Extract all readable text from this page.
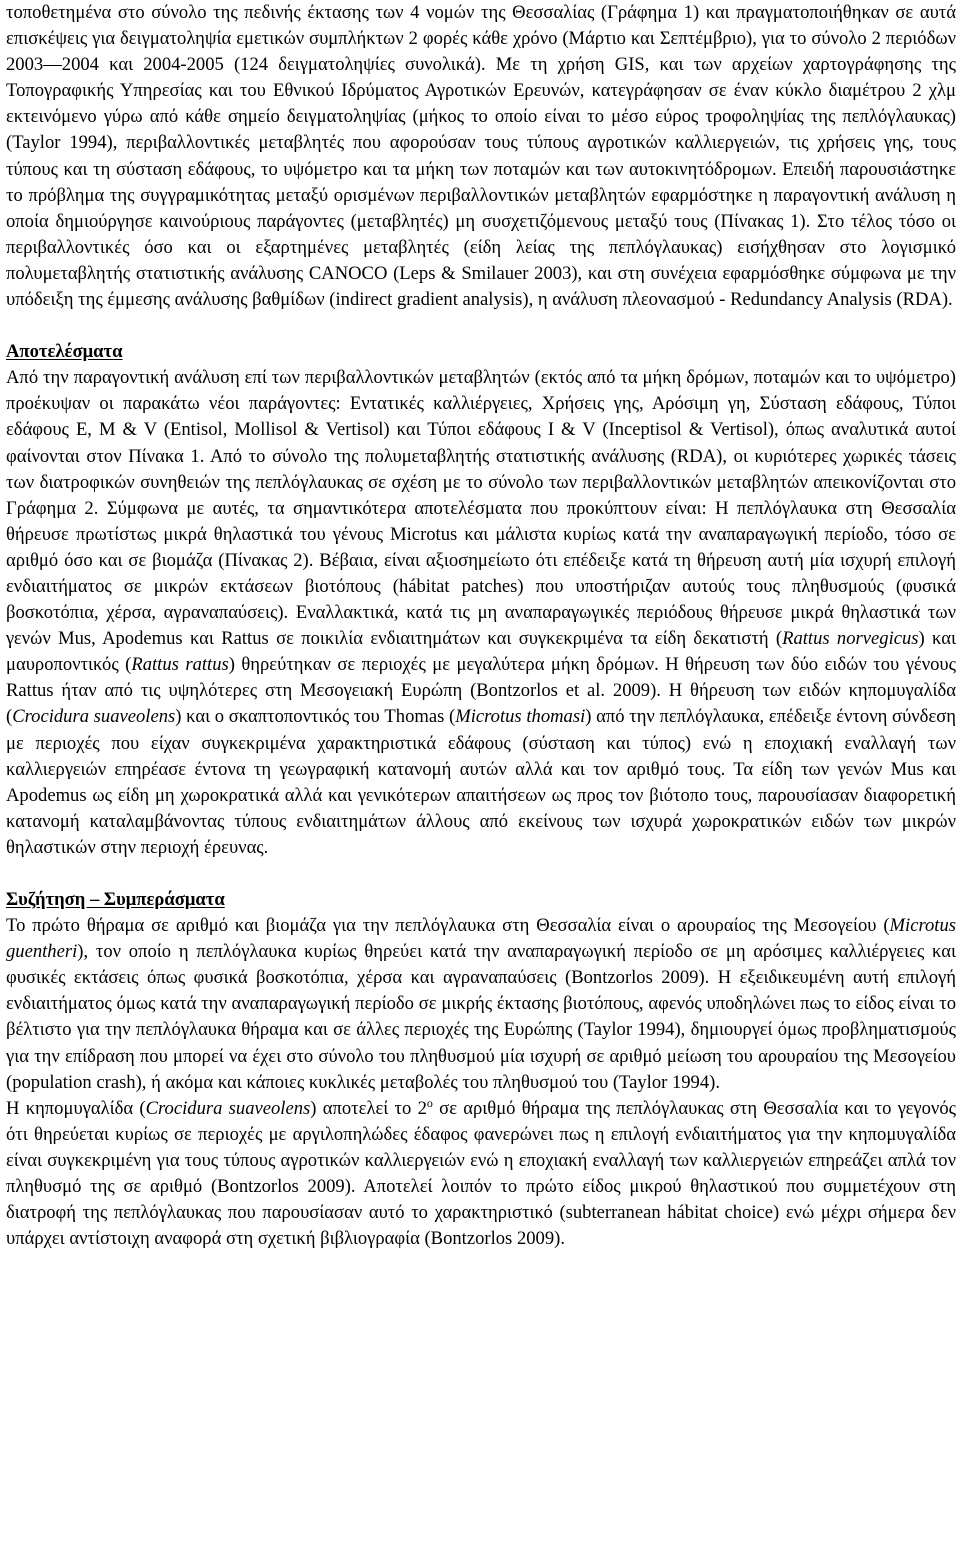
τοποθετημένα στο σύνολο της πεδινής έκτασης των 4 νομών της Θεσσαλίας (Γράφημα 1) και πραγματοποιήθηκαν σε αυτά επισκέψεις για δειγματοληψία εμετικών συμπλήκτων 2 φορές κάθε χρόνο (Μάρτιο και Σεπτέμβριο), για το σύνολο 2 περιόδων 2003—2004 και 2004-2005 (124 δειγματοληψίες συνολικά). Με τη χρήση GIS, και των αρχείων χαρτογράφησης της Τοπογραφικής Υπηρεσίας και του Εθνικού Ιδρύματος Αγροτικών Ερευνών, κατεγράφησαν σε έναν κύκλο διαμέτρου 2 χλμ εκτεινόμενο γύρω από κάθε σημείο δειγματοληψίας (μήκος το οποίο είναι το μέσο εύρος τροφοληψίας της πεπλόγλαυκας) (Taylor 1994), περιβαλλοντικές μεταβλητές που αφορούσαν τους τύπους αγροτικών καλλιεργειών, τις χρήσεις γης, τους τύπους και τη σύσταση εδάφους, το υψόμετρο και τα μήκη των ποταμών και των αυτοκινητόδρομων. Επειδή παρουσιάστηκε το πρόβλημα της συγγραμικότητας μεταξύ ορισμένων περιβαλλοντικών μεταβλητών εφαρμόστηκε η παραγοντική ανάλυση η οποία δημιούργησε καινούριους παράγοντες (μεταβλητές) μη συσχετιζόμενους μεταξύ τους (Πίνακας 1). Στο τέλος τόσο οι περιβαλλοντικές όσο και οι εξαρτημένες μεταβλητές (είδη λείας της πεπλόγλαυκας) εισήχθησαν στο λογισμικό πολυμεταβλητής στατιστικής ανάλυσης CANOCO (Leps & Smilauer 2003), και στη συνέχεια εφαρμόσθηκε σύμφωνα με την υπόδειξη της έμμεσης ανάλυσης βαθμίδων (indirect gradient analysis), η ανάλυση πλεονασμού - Redundancy Analysis (RDA).

Αποτελέσματα

Από την παραγοντική ανάλυση επί των περιβαλλοντικών μεταβλητών (εκτός από τα μήκη δρόμων, ποταμών και το υψόμετρο) προέκυψαν οι παρακάτω νέοι παράγοντες: Εντατικές καλλιέργειες, Χρήσεις γης, Αρόσιμη γη, Σύσταση εδάφους, Τύποι εδάφους E, M & V (Entisol, Mollisol & Vertisol) και Τύποι εδάφους I & V (Inceptisol & Vertisol), όπως αναλυτικά αυτοί φαίνονται στον Πίνακα 1. Από το σύνολο της πολυμεταβλητής στατιστικής ανάλυσης (RDA), οι κυριότερες χωρικές τάσεις των διατροφικών συνηθειών της πεπλόγλαυκας σε σχέση με το σύνολο των περιβαλλοντικών μεταβλητών απεικονίζονται στο Γράφημα 2. Σύμφωνα με αυτές, τα σημαντικότερα αποτελέσματα που προκύπτουν είναι: Η πεπλόγλαυκα στη Θεσσαλία θήρευσε πρωτίστως μικρά θηλαστικά του γένους Microtus και μάλιστα κυρίως κατά την αναπαραγωγική περίοδο, τόσο σε αριθμό όσο και σε βιομάζα (Πίνακας 2). Βέβαια, είναι αξιοσημείωτο ότι επέδειξε κατά τη θήρευση αυτή μία ισχυρή επιλογή ενδιαιτήματος σε μικρών εκτάσεων βιοτόπους (hábitat patches) που υποστήριζαν αυτούς τους πληθυσμούς (φυσικά βοσκοτόπια, χέρσα, αγραναπαύσεις). Εναλλακτικά, κατά τις μη αναπαραγωγικές περιόδους θήρευσε μικρά θηλαστικά των γενών Mus, Apodemus και Rattus σε ποικιλία ενδιαιτημάτων και συγκεκριμένα τα είδη δεκατιστή (Rattus norvegicus) και μαυροποντικός (Rattus rattus) θηρεύτηκαν σε περιοχές με μεγαλύτερα μήκη δρόμων. Η θήρευση των δύο ειδών του γένους Rattus ήταν από τις υψηλότερες στη Μεσογειακή Ευρώπη (Bontzorlos et al. 2009). Η θήρευση των ειδών κηπομυγαλίδα (Crocidura suaveolens) και ο σκαπτοποντικός του Thomas (Microtus thomasi) από την πεπλόγλαυκα, επέδειξε έντονη σύνδεση με περιοχές που είχαν συγκεκριμένα χαρακτηριστικά εδάφους (σύσταση και τύπος) ενώ η εποχιακή εναλλαγή των καλλιεργειών επηρέασε έντονα τη γεωγραφική κατανομή αυτών αλλά και τον αριθμό τους. Τα είδη των γενών Mus και Apodemus ως είδη μη χωροκρατικά αλλά και γενικότερων απαιτήσεων ως προς τον βιότοπο τους, παρουσίασαν διαφορετική κατανομή καταλαμβάνοντας τύπους ενδιαιτημάτων άλλους από εκείνους των ισχυρά χωροκρατικών ειδών των μικρών θηλαστικών στην περιοχή έρευνας.

Συζήτηση – Συμπεράσματα

Το πρώτο θήραμα σε αριθμό και βιομάζα για την πεπλόγλαυκα στη Θεσσαλία είναι ο αρουραίος της Μεσογείου (Microtus guentheri), τον οποίο η πεπλόγλαυκα κυρίως θηρεύει κατά την αναπαραγωγική περίοδο σε μη αρόσιμες καλλιέργειες και φυσικές εκτάσεις όπως φυσικά βοσκοτόπια, χέρσα και αγραναπαύσεις (Bontzorlos 2009). Η εξειδικευμένη αυτή επιλογή ενδιαιτήματος όμως κατά την αναπαραγωγική περίοδο σε μικρής έκτασης βιοτόπους, αφενός υποδηλώνει πως το είδος είναι το βέλτιστο για την πεπλόγλαυκα θήραμα και σε άλλες περιοχές της Ευρώπης (Taylor 1994), δημιουργεί όμως προβληματισμούς για την επίδραση που μπορεί να έχει στο σύνολο του πληθυσμού μία ισχυρή σε αριθμό μείωση του αρουραίου της Μεσογείου (population crash), ή ακόμα και κάποιες κυκλικές μεταβολές του πληθυσμού του (Taylor 1994).

Η κηπομυγαλίδα (Crocidura suaveolens) αποτελεί το $2^o$ σε αριθμό θήραμα της πεπλόγλαυκας στη Θεσσαλία και το γεγονός ότι θηρεύεται κυρίως σε περιοχές με αργιλοπηλώδες έδαφος φανερώνει πως η επιλογή ενδιαιτήματος για την κηπομυγαλίδα είναι συγκεκριμένη για τους τύπους αγροτικών καλλιεργειών ενώ η εποχιακή εναλλαγή των καλλιεργειών επηρεάζει απλά τον πληθυσμό της σε αριθμό (Bontzorlos 2009). Αποτελεί λοιπόν το πρώτο είδος μικρού θηλαστικού που συμμετέχουν στη διατροφή της πεπλόγλαυκας που παρουσίασαν αυτό το χαρακτηριστικό (subterranean hábitat choice) ενώ μέχρι σήμερα δεν υπάρχει αντίστοιχη αναφορά στη σχετική βιβλιογραφία (Bontzorlos 2009).
